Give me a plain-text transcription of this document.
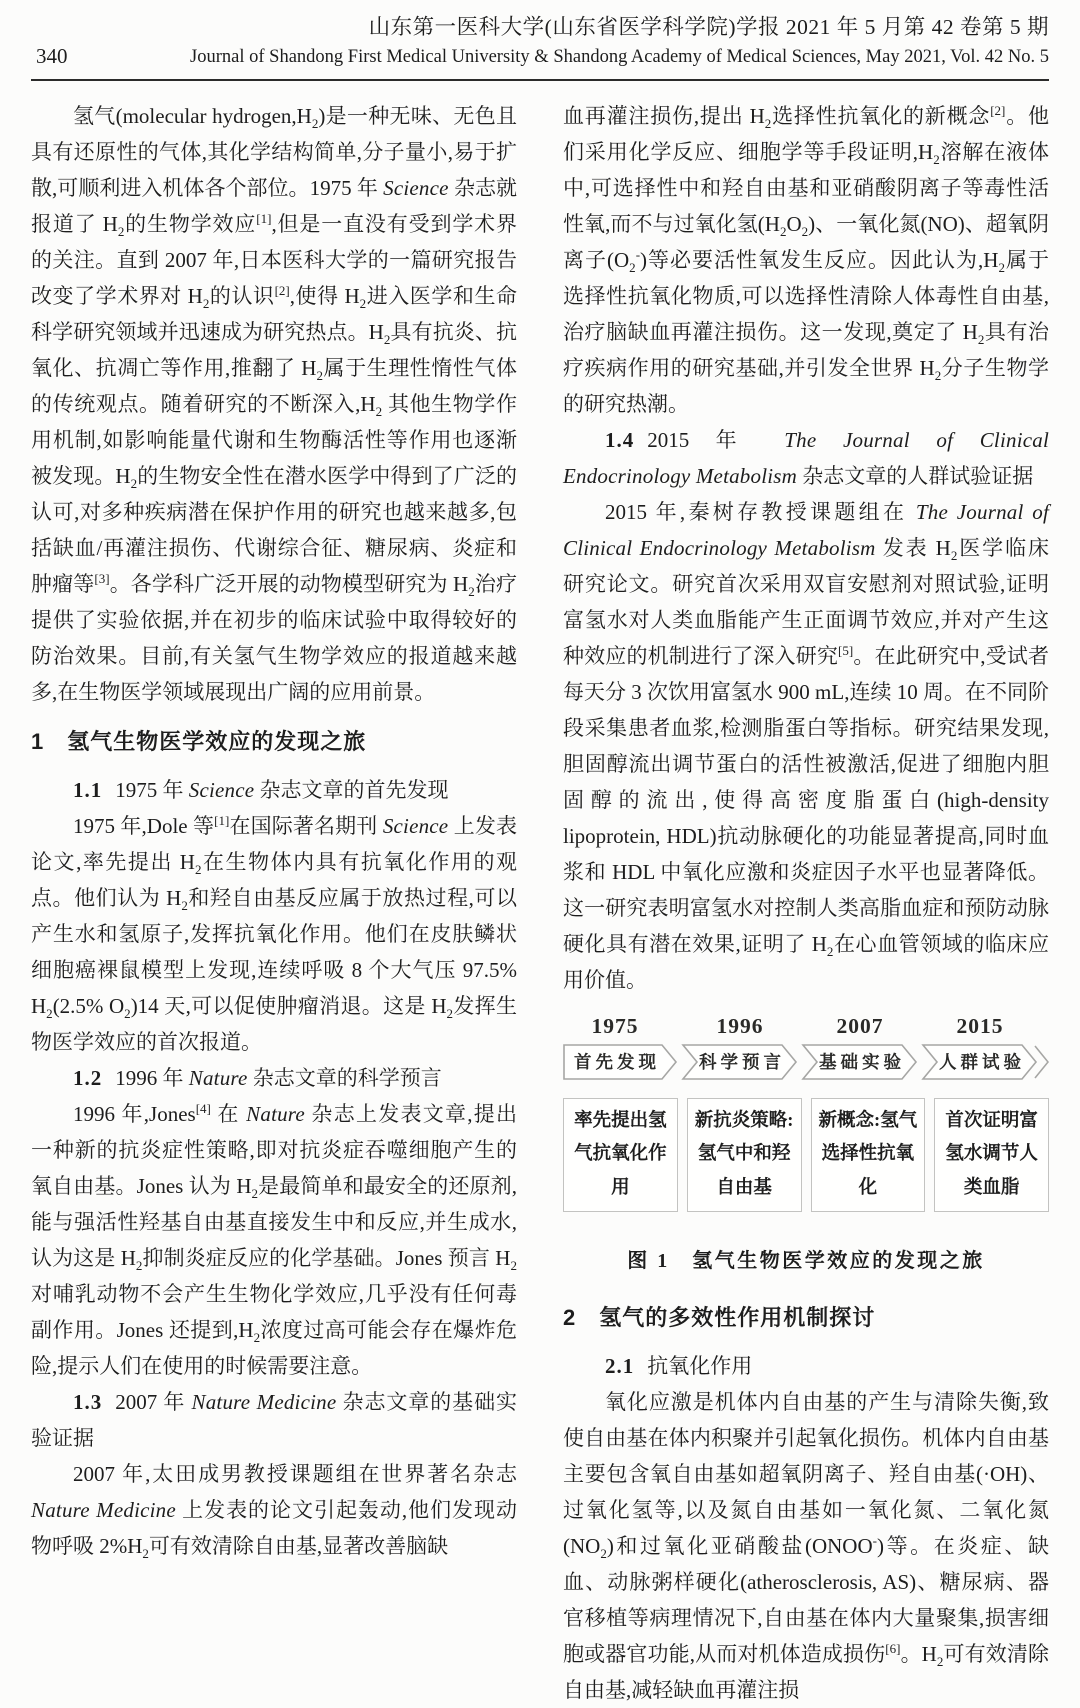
山东第一医科大学(山东省医学科学院)学报 2021 年 5 月第 42 卷第 5 期
Journal of Shandong First Medical University & Shandong Academy of Medical Sciences, May 2021, Vol. 42 No. 5
340

氢气(molecular $hydrogen,H_2$)是一种无味、无色且具有还原性的气体,其化学结构简单,分子量小,易于扩散,可顺利进入机体各个部位。1975 年 Science 杂志就报道了 $H_2$的生物学效应[1],但是一直没有受到学术界的关注。直到 2007 年,日本医科大学的一篇研究报告改变了学术界对 $H_2$的认识[2],使得 $H_2$进入医学和生命科学研究领域并迅速成为研究热点。$H_2$具有抗炎、抗氧化、抗凋亡等作用,推翻了 $H_2$属于生理性惰性气体的传统观点。随着研究的不断深入$,H_2$ 其他生物学作用机制,如影响能量代谢和生物酶活性等作用也逐渐被发现。$H_2$的生物安全性在潜水医学中得到了广泛的认可,对多种疾病潜在保护作用的研究也越来越多,包括缺血/再灌注损伤、代谢综合征、糖尿病、炎症和肿瘤等[3]。各学科广泛开展的动物模型研究为 $H_2$治疗提供了实验依据,并在初步的临床试验中取得较好的防治效果。目前,有关氢气生物学效应的报道越来越多,在生物医学领域展现出广阔的应用前景。

1　氢气生物医学效应的发现之旅

1.1 1975 年 Science 杂志文章的首先发现

1975 年,Dole 等[1]在国际著名期刊 Science 上发表论文,率先提出 $H_2$在生物体内具有抗氧化作用的观点。他们认为 $H_2$和羟自由基反应属于放热过程,可以产生水和氢原子,发挥抗氧化作用。他们在皮肤鳞状细胞癌裸鼠模型上发现,连续呼吸 8 个大气压 97.5% $H_2(2.5\%$ $O_2)14$ 天,可以促使肿瘤消退。这是 $H_2$发挥生物医学效应的首次报道。

1.2 1996 年 Nature 杂志文章的科学预言

1996 年,Jones[4] 在 Nature 杂志上发表文章,提出一种新的抗炎症性策略,即对抗炎症吞噬细胞产生的氧自由基。Jones 认为 $H_2$是最简单和最安全的还原剂,能与强活性羟基自由基直接发生中和反应,并生成水,认为这是 $H_2$抑制炎症反应的化学基础。Jones 预言 $H_2$对哺乳动物不会产生生物化学效应,几乎没有任何毒副作用。Jones 还提到$,H_2$浓度过高可能会存在爆炸危险,提示人们在使用的时候需要注意。

1.3 2007 年 Nature Medicine 杂志文章的基础实验证据

2007 年,太田成男教授课题组在世界著名杂志 Nature Medicine 上发表的论文引起轰动,他们发现动物呼吸 $2\%H_2$可有效清除自由基,显著改善脑缺

血再灌注损伤,提出 $H_2$选择性抗氧化的新概念[2]。他们采用化学反应、细胞学等手段证明$,H_2$溶解在液体中,可选择性中和羟自由基和亚硝酸阴离子等毒性活性氧,而不与过氧化氢$(H_2O_2)$、一氧化氮(NO)、超氧阴离子$(O_2^-)$等必要活性氧发生反应。因此认为$,H_2$属于选择性抗氧化物质,可以选择性清除人体毒性自由基,治疗脑缺血再灌注损伤。这一发现,奠定了 $H_2$具有治疗疾病作用的研究基础,并引发全世界 $H_2$分子生物学的研究热潮。

1.4 2015 年 The Journal of Clinical Endocrinology Metabolism 杂志文章的人群试验证据

2015 年,秦树存教授课题组在 The Journal of Clinical Endocrinology Metabolism 发表 $H_2$医学临床研究论文。研究首次采用双盲安慰剂对照试验,证明富氢水对人类血脂能产生正面调节效应,并对产生这种效应的机制进行了深入研究[5]。在此研究中,受试者每天分 3 次饮用富氢水 900 mL,连续 10 周。在不同阶段采集患者血浆,检测脂蛋白等指标。研究结果发现,胆固醇流出调节蛋白的活性被激活,促进了细胞内胆固醇的流出,使得高密度脂蛋白(high-density lipoprotein, HDL)抗动脉硬化的功能显著提高,同时血浆和 HDL 中氧化应激和炎症因子水平也显著降低。这一研究表明富氢水对控制人类高脂血症和预防动脉硬化具有潜在效果,证明了 $H_2$在心血管领域的临床应用价值。

1975	1996	2007	2015
首先发现 科学预言 基础实验 人群试验
率先提出氢气抗氧化作用
新抗炎策略:氢气中和羟自由基
新概念:氢气选择性抗氧化
首次证明富氢水调节人类血脂
图 1　氢气生物医学效应的发现之旅
2　氢气的多效性作用机制探讨

2.1 抗氧化作用

氧化应激是机体内自由基的产生与清除失衡,致使自由基在体内积聚并引起氧化损伤。机体内自由基主要包含氧自由基如超氧阴离子、羟自由基(·OH)、过氧化氢等,以及氮自由基如一氧化氮、二氧化氮$(NO_2)$和过氧化亚硝酸盐(ONOO-)等。在炎症、缺血、动脉粥样硬化(atherosclerosis, AS)、糖尿病、器官移植等病理情况下,自由基在体内大量聚集,损害细胞或器官功能,从而对机体造成损伤[6]。$H_2$可有效清除自由基,减轻缺血再灌注损
